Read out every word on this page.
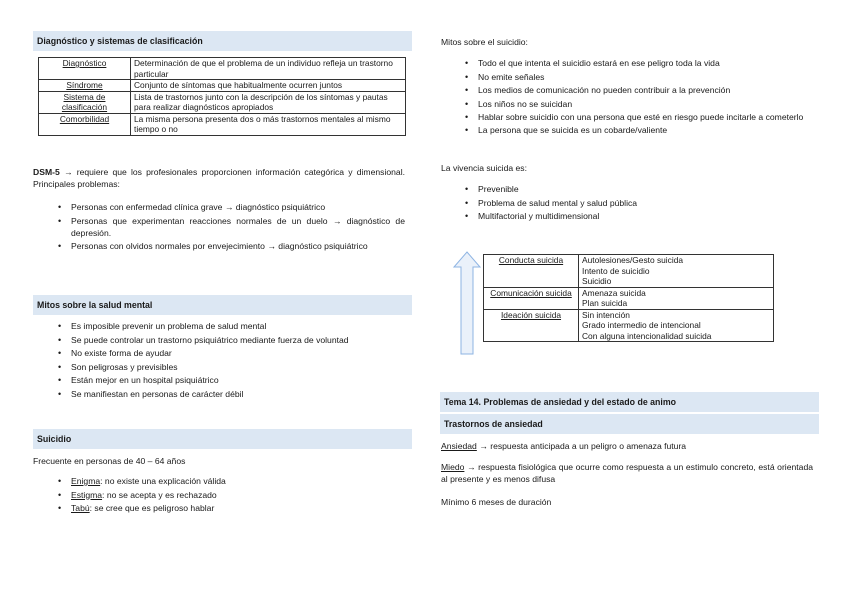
Diagnóstico y sistemas de clasificación
Diagnóstico	Determinación de que el problema de un individuo refleja un trastorno particular
Síndrome	Conjunto de síntomas que habitualmente ocurren juntos
Sistema de clasificación	Lista de trastornos junto con la descripción de los síntomas y pautas para realizar diagnósticos apropiados
Comorbilidad	La misma persona presenta dos o más trastornos mentales al mismo tiempo o no

DSM-5 → requiere que los profesionales proporcionen información categórica y dimensional. Principales problemas:

• Personas con enfermedad clínica grave → diagnóstico psiquiátrico
• Personas que experimentan reacciones normales de un duelo → diagnóstico de depresión.
• Personas con olvidos normales por envejecimiento → diagnóstico psiquiátrico
Mitos sobre la salud mental
• Es imposible prevenir un problema de salud mental
• Se puede controlar un trastorno psiquiátrico mediante fuerza de voluntad
• No existe forma de ayudar
• Son peligrosas y previsibles
• Están mejor en un hospital psiquiátrico
• Se manifiestan en personas de carácter débil
Suicidio

Frecuente en personas de 40 – 64 años

• Enigma: no existe una explicación válida
• Estigma: no se acepta y es rechazado
• Tabú: se cree que es peligroso hablar

Mitos sobre el suicidio:

• Todo el que intenta el suicidio estará en ese peligro toda la vida
• No emite señales
• Los medios de comunicación no pueden contribuir a la prevención
• Los niños no se suicidan
• Hablar sobre suicidio con una persona que esté en riesgo puede incitarle a cometerlo
• La persona que se suicida es un cobarde/valiente

La vivencia suicida es:

• Prevenible
• Problema de salud mental y salud pública
• Multifactorial y multidimensional
Conducta suicida	Autolesiones/Gesto suicida
Intento de suicidio
Suicidio

Comunicación suicida	Amenaza suicida
Plan suicida

Ideación suicida	Sin intención
Grado intermedio de intencional
Con alguna intencionalidad suicida
Tema 14. Problemas de ansiedad y del estado de animo
Trastornos de ansiedad

Ansiedad → respuesta anticipada a un peligro o amenaza futura

Miedo → respuesta fisiológica que ocurre como respuesta a un estimulo concreto, está orientada al presente y es menos difusa

Mínimo 6 meses de duración
